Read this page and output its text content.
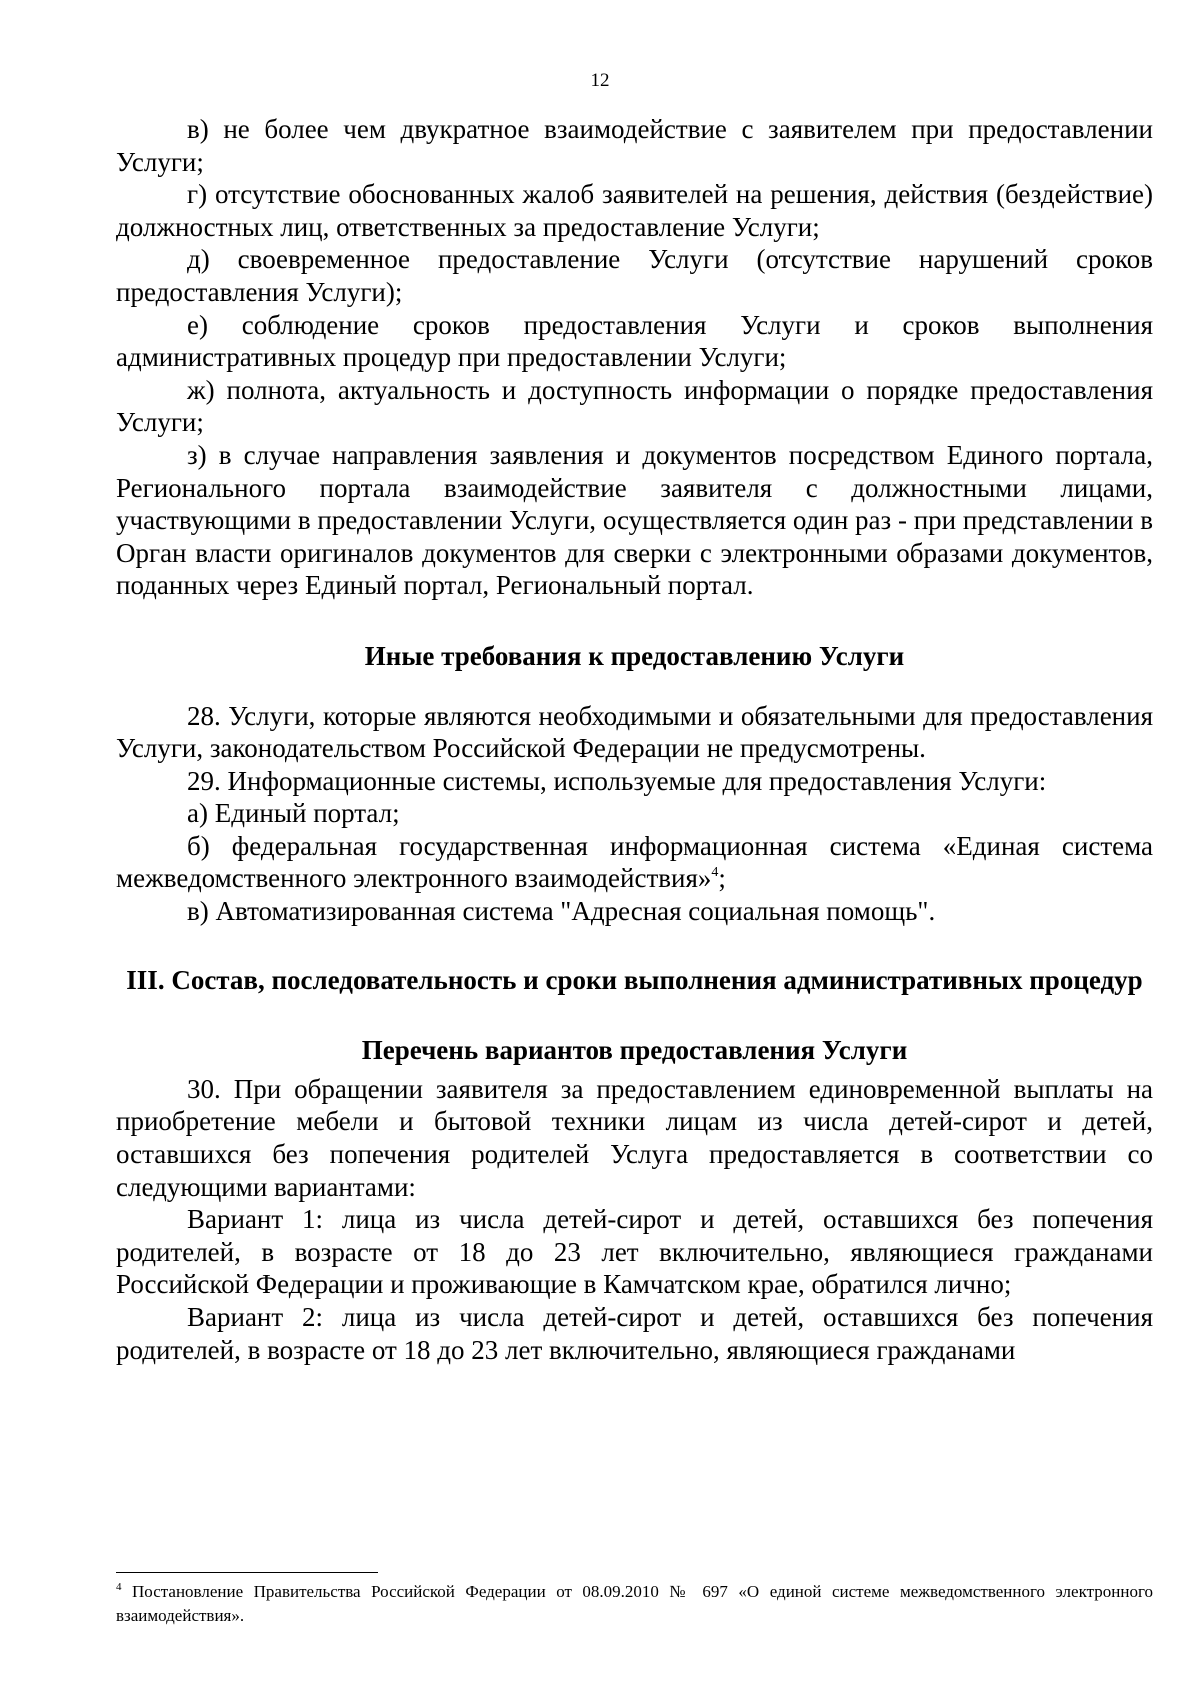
12

в) не более чем двукратное взаимодействие с заявителем при предоставлении Услуги;

г) отсутствие обоснованных жалоб заявителей на решения, действия (бездействие) должностных лиц, ответственных за предоставление Услуги;

д) своевременное предоставление Услуги (отсутствие нарушений сроков предоставления Услуги);

е) соблюдение сроков предоставления Услуги и сроков выполнения административных процедур при предоставлении Услуги;

ж) полнота, актуальность и доступность информации о порядке предоставления Услуги;

з) в случае направления заявления и документов посредством Единого портала, Регионального портала взаимодействие заявителя с должностными лицами, участвующими в предоставлении Услуги, осуществляется один раз - при представлении в Орган власти оригиналов документов для сверки с электронными образами документов, поданных через Единый портал, Региональный портал.

Иные требования к предоставлению Услуги

28. Услуги, которые являются необходимыми и обязательными для предоставления Услуги, законодательством Российской Федерации не предусмотрены.

29. Информационные системы, используемые для предоставления Услуги:

а) Единый портал;

б) федеральная государственная информационная система «Единая система межведомственного электронного взаимодействия»$^4$;

в) Автоматизированная система "Адресная социальная помощь".

III. Состав, последовательность и сроки выполнения административных процедур

Перечень вариантов предоставления Услуги

30. При обращении заявителя за предоставлением единовременной выплаты на приобретение мебели и бытовой техники лицам из числа детей-сирот и детей, оставшихся без попечения родителей Услуга предоставляется в соответствии со следующими вариантами:

Вариант 1: лица из числа детей-сирот и детей, оставшихся без попечения родителей, в возрасте от 18 до 23 лет включительно, являющиеся гражданами Российской Федерации и проживающие в Камчатском крае, обратился лично;

Вариант 2: лица из числа детей-сирот и детей, оставшихся без попечения родителей, в возрасте от 18 до 23 лет включительно, являющиеся гражданами

$^4$ Постановление Правительства Российской Федерации от 08.09.2010 № 697 «О единой системе межведомственного электронного взаимодействия».
